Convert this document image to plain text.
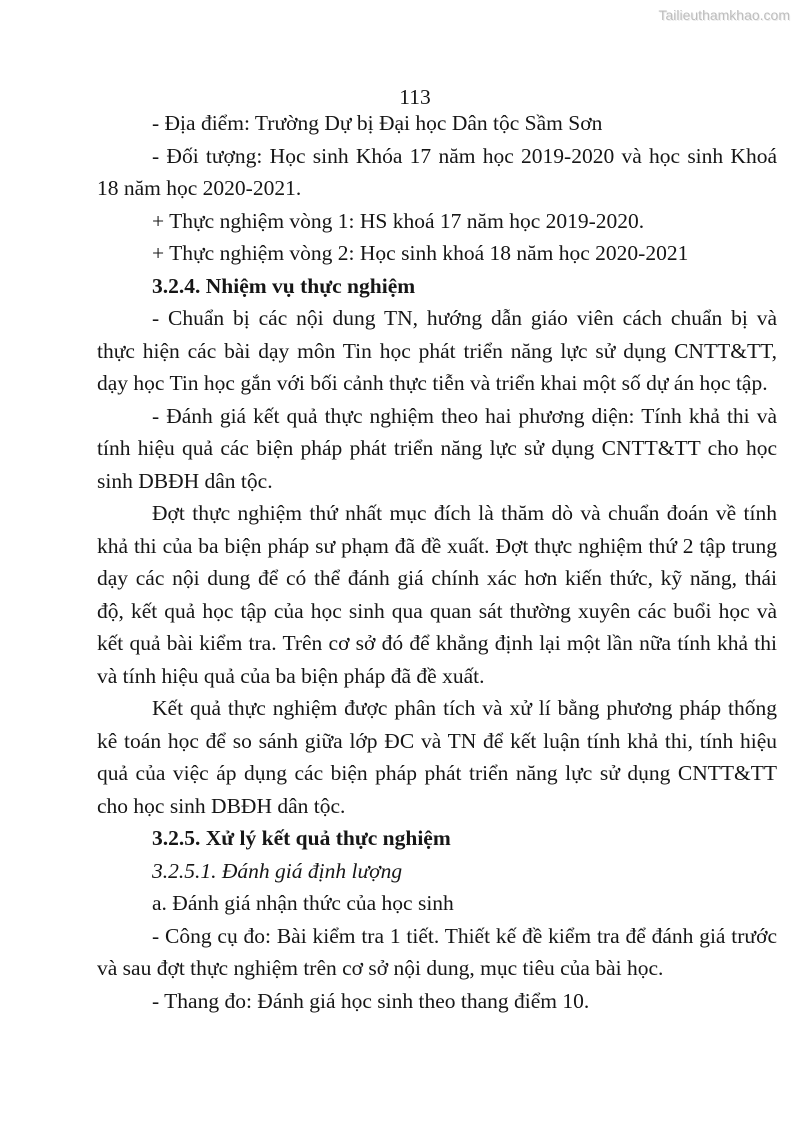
Tailieuthamkhao.com
113
- Địa điểm: Trường Dự bị Đại học Dân tộc Sầm Sơn
- Đối tượng: Học sinh Khóa 17 năm học 2019-2020 và học sinh Khoá
18 năm học 2020-2021.
+ Thực nghiệm vòng 1: HS khoá 17 năm học 2019-2020.
+ Thực nghiệm vòng 2: Học sinh khoá 18 năm học 2020-2021
3.2.4. Nhiệm vụ thực nghiệm
- Chuẩn bị các nội dung TN, hướng dẫn giáo viên cách chuẩn bị và
thực hiện các bài dạy môn Tin học phát triển năng lực sử dụng CNTT&TT,
dạy học Tin học gắn với bối cảnh thực tiễn và triển khai một số dự án học tập.
- Đánh giá kết quả thực nghiệm theo hai phương diện: Tính khả thi và
tính hiệu quả các biện pháp phát triển năng lực sử dụng CNTT&TT cho học
sinh DBĐH dân tộc.
Đợt thực nghiệm thứ nhất mục đích là thăm dò và chuẩn đoán về tính
khả thi của ba biện pháp sư phạm đã đề xuất. Đợt thực nghiệm thứ 2 tập trung
dạy các nội dung để có thể đánh giá chính xác hơn kiến thức, kỹ năng, thái
độ, kết quả học tập của học sinh qua quan sát thường xuyên các buổi học và
kết quả bài kiểm tra. Trên cơ sở đó để khẳng định lại một lần nữa tính khả thi
và tính hiệu quả của ba biện pháp đã đề xuất.
Kết quả thực nghiệm được phân tích và xử lí bằng phương pháp thống
kê toán học để so sánh giữa lớp ĐC và TN để kết luận tính khả thi, tính hiệu
quả của việc áp dụng các biện pháp phát triển năng lực sử dụng CNTT&TT
cho học sinh DBĐH dân tộc.
3.2.5. Xử lý kết quả thực nghiệm
3.2.5.1. Đánh giá định lượng
a. Đánh giá nhận thức của học sinh
- Công cụ đo: Bài kiểm tra 1 tiết. Thiết kế đề kiểm tra để đánh giá trước
và sau đợt thực nghiệm trên cơ sở nội dung, mục tiêu của bài học.
- Thang đo: Đánh giá học sinh theo thang điểm 10.
